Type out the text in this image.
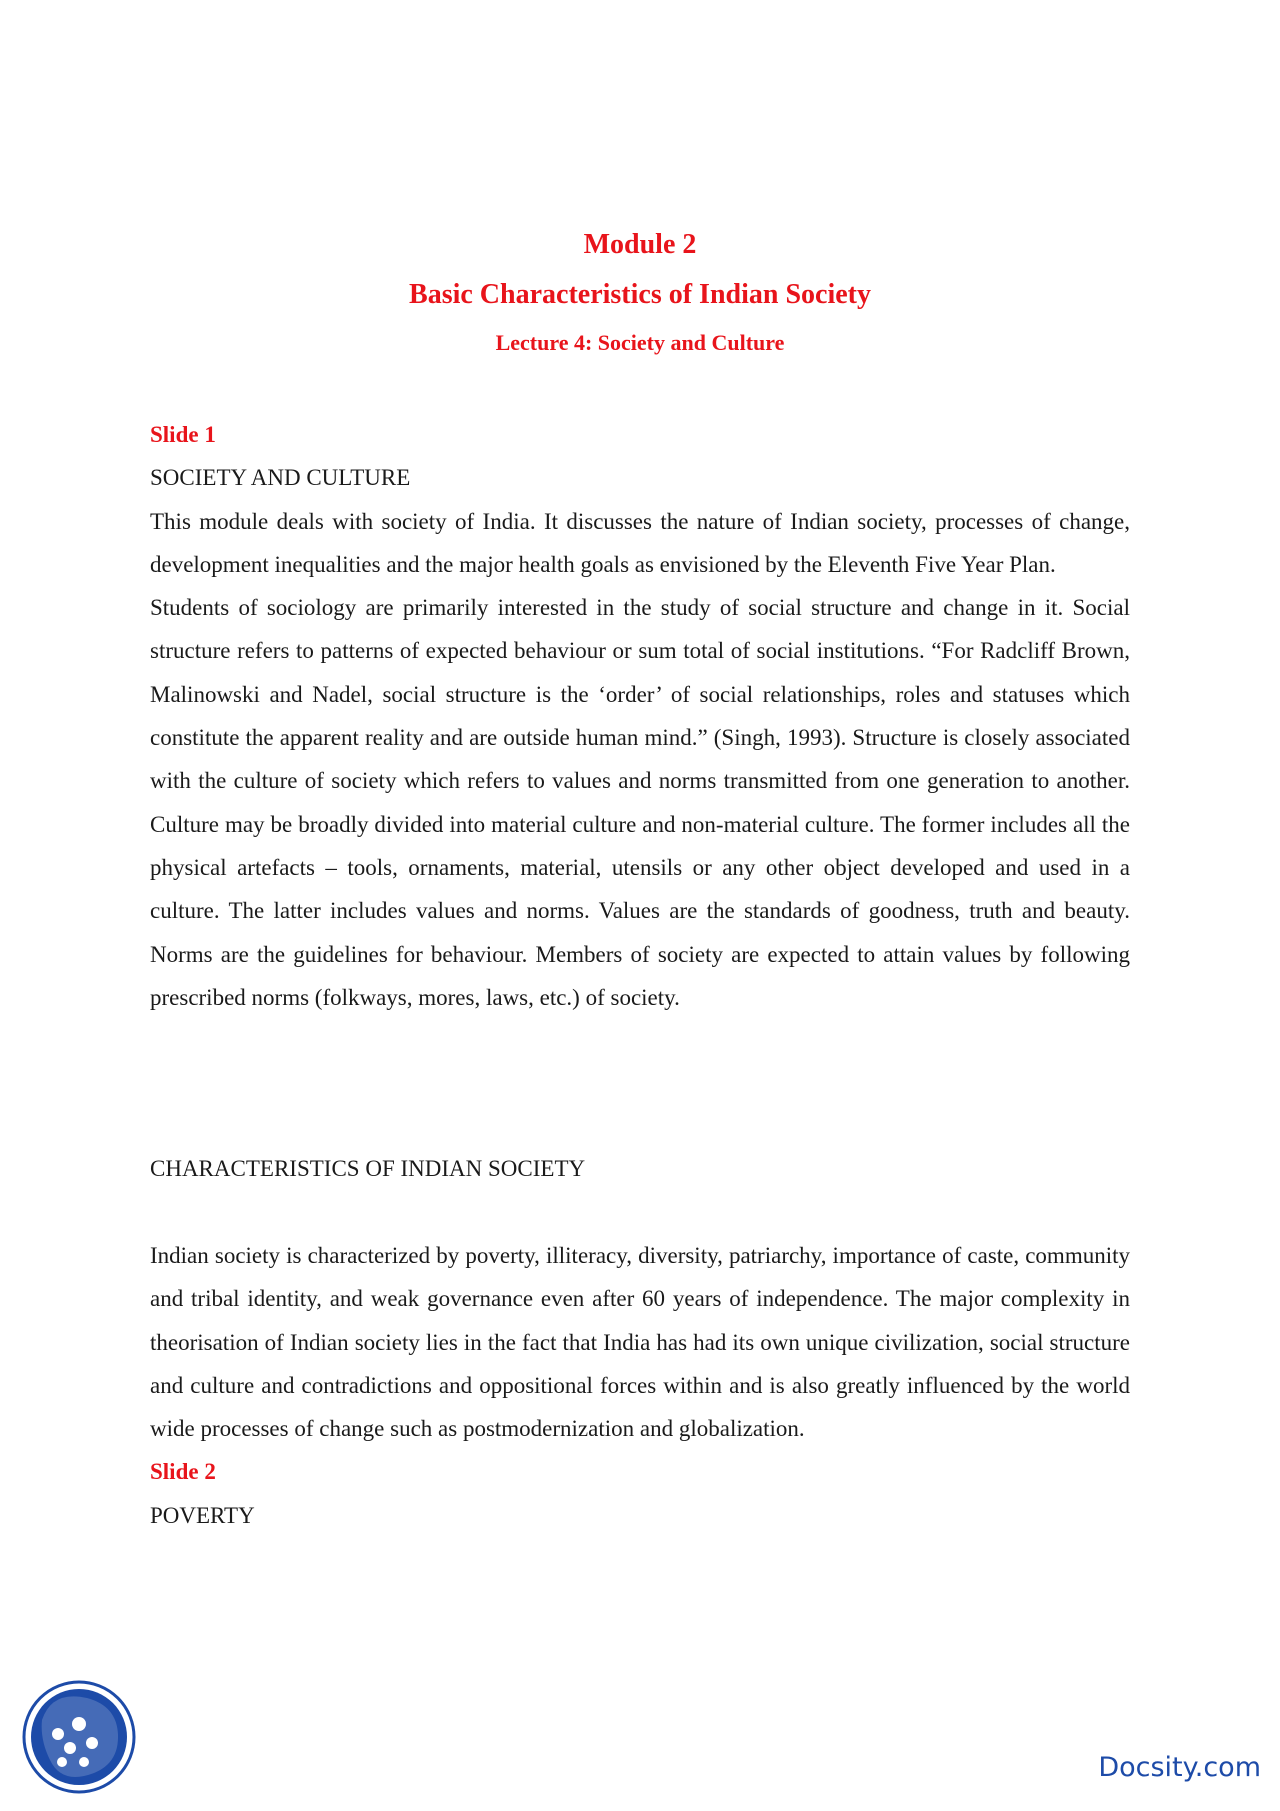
Module 2
Basic Characteristics of Indian Society
Lecture 4: Society and Culture

Slide 1

SOCIETY AND CULTURE

This module deals with society of India. It discusses the nature of Indian society, processes of change, development inequalities and the major health goals as envisioned by the Eleventh Five Year Plan.

Students of sociology are primarily interested in the study of social structure and change in it. Social structure refers to patterns of expected behaviour or sum total of social institutions. “For Radcliff Brown, Malinowski and Nadel, social structure is the ‘order’ of social relationships, roles and statuses which constitute the apparent reality and are outside human mind.” (Singh, 1993). Structure is closely associated with the culture of society which refers to values and norms transmitted from one generation to another. Culture may be broadly divided into material culture and non-material culture. The former includes all the physical artefacts – tools, ornaments, material, utensils or any other object developed and used in a culture. The latter includes values and norms. Values are the standards of goodness, truth and beauty. Norms are the guidelines for behaviour. Members of society are expected to attain values by following prescribed norms (folkways, mores, laws, etc.) of society.

CHARACTERISTICS OF INDIAN SOCIETY

Indian society is characterized by poverty, illiteracy, diversity, patriarchy, importance of caste, community and tribal identity, and weak governance even after 60 years of independence. The major complexity in theorisation of Indian society lies in the fact that India has had its own unique civilization, social structure and culture and contradictions and oppositional forces within and is also greatly influenced by the world wide processes of change such as postmodernization and globalization.

Slide 2

POVERTY

Docsity.com
